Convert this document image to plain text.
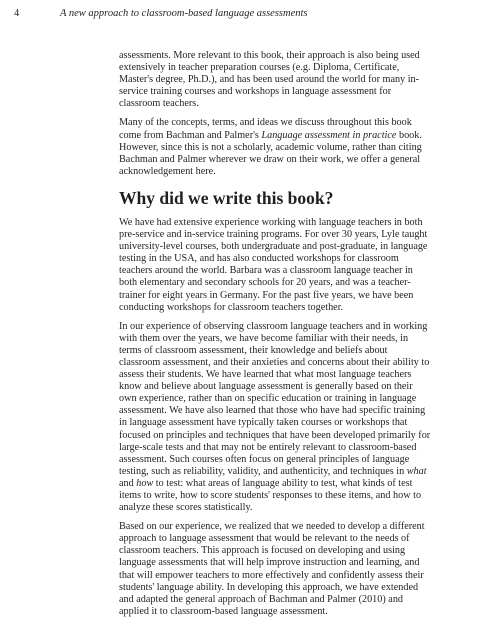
4	A new approach to classroom-based language assessments

assessments. More relevant to this book, their approach is also being used extensively in teacher preparation courses (e.g. Diploma, Certificate, Master's degree, Ph.D.), and has been used around the world for many in-service training courses and workshops in language assessment for classroom teachers.

Many of the concepts, terms, and ideas we discuss throughout this book come from Bachman and Palmer's Language assessment in practice book. However, since this is not a scholarly, academic volume, rather than citing Bachman and Palmer wherever we draw on their work, we offer a general acknowledgement here.

Why did we write this book?

We have had extensive experience working with language teachers in both pre-service and in-service training programs. For over 30 years, Lyle taught university-level courses, both undergraduate and post-graduate, in language testing in the USA, and has also conducted workshops for classroom teachers around the world. Barbara was a classroom language teacher in both elementary and secondary schools for 20 years, and was a teacher-trainer for eight years in Germany. For the past five years, we have been conducting workshops for classroom teachers together.

In our experience of observing classroom language teachers and in working with them over the years, we have become familiar with their needs, in terms of classroom assessment, their knowledge and beliefs about classroom assessment, and their anxieties and concerns about their ability to assess their students. We have learned that what most language teachers know and believe about language assessment is generally based on their own experience, rather than on specific education or training in language assessment. We have also learned that those who have had specific training in language assessment have typically taken courses or workshops that focused on principles and techniques that have been developed primarily for large-scale tests and that may not be entirely relevant to classroom-based assessment. Such courses often focus on general principles of language testing, such as reliability, validity, and authenticity, and techniques in what and how to test: what areas of language ability to test, what kinds of test items to write, how to score students' responses to these items, and how to analyze these scores statistically.

Based on our experience, we realized that we needed to develop a different approach to language assessment that would be relevant to the needs of classroom teachers. This approach is focused on developing and using language assessments that will help improve instruction and learning, and that will empower teachers to more effectively and confidently assess their students' language ability. In developing this approach, we have extended and adapted the general approach of Bachman and Palmer (2010) and applied it to classroom-based language assessment.
